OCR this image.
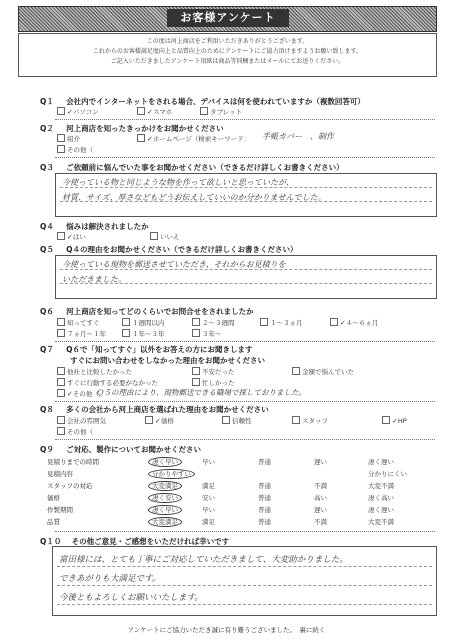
お客様アンケート
この度は河上商店をご利用いただきありがとうございます。
これからのお客様満足度向上と品質向上のためにアンケートにご協力頂けますようお願い致します。
ご記入いただきましたアンケート用紙は商品等同梱またはメールにてお送りください。
Q１ 会社内でインターネットをされる場合、デバイスは何を使われていますか（複数回答可）
✓パソコン	✓スマホ	タブレット
Q２ 河上商店を知ったきっかけをお聞かせください
紹介	✓ホームページ（検索キーワード： 手帳カバー　、制作
その他（
Q３ ご依頼前に悩んでいた事をお聞かせください（できるだけ詳しくお書きください）
今使っている物と同じような物を作って欲しいと思っていたが、
材質、サイズ、厚さなどもどうお伝えしていいのか分かりませんでした。
Q４ 悩みは解決されましたか
✓はい	いいえ
Q５ Q４の理由をお聞かせください（できるだけ詳しくお書きください）
今使っている現物を郵送させていただき、それからお見積りを
いただきました。
Q６ 河上商店を知ってどのくらいでお問合せをされましたか
知ってすぐ	１週間以内	２〜３週間	１〜３ヵ月	✓４〜６ヵ月
７ヵ月〜１年	１年〜３年	３年〜
Q７ Q６で「知ってすぐ」以外をお答えの方にお聞きします
すぐにお問い合わせをしなかった理由をお聞かせください
他社と比較したかった	不安だった	金額で悩んでいた
すぐに行動する必要がなかった	忙しかった
✓その他（
Ｑ５の理由により、現物郵送できる職場で探しておりました。
Q８ 多くの会社から河上商店を選ばれた理由をお聞かせください
会社の雰囲気	✓価格	信頼性	スタッフ	✓HP
その他（
Q９ ご対応、製作についてお聞かせください
見積りまでの時間	凄く早い	早い	普通	遅い	凄く遅い
見積内容	分かりやすい	分かりにくい
スタッフの対応	大変満足	満足	普通	不満	大変不満
価格	凄く安い	安い	普通	高い	凄く高い
作製期間	凄く早い	早い	普通	遅い	凄く遅い
品質	大変満足	満足	普通	不満	大変不満
Q１０ その他ご意見・ご感想をいただければ幸いです
富田様には、とても丁寧にご対応していただきまして、大変助かりました。
できあがりも大満足です。
今後ともよろしくお願いいたします。
アンケートにご協力いただき誠に有り難うございました。　裏に続く
